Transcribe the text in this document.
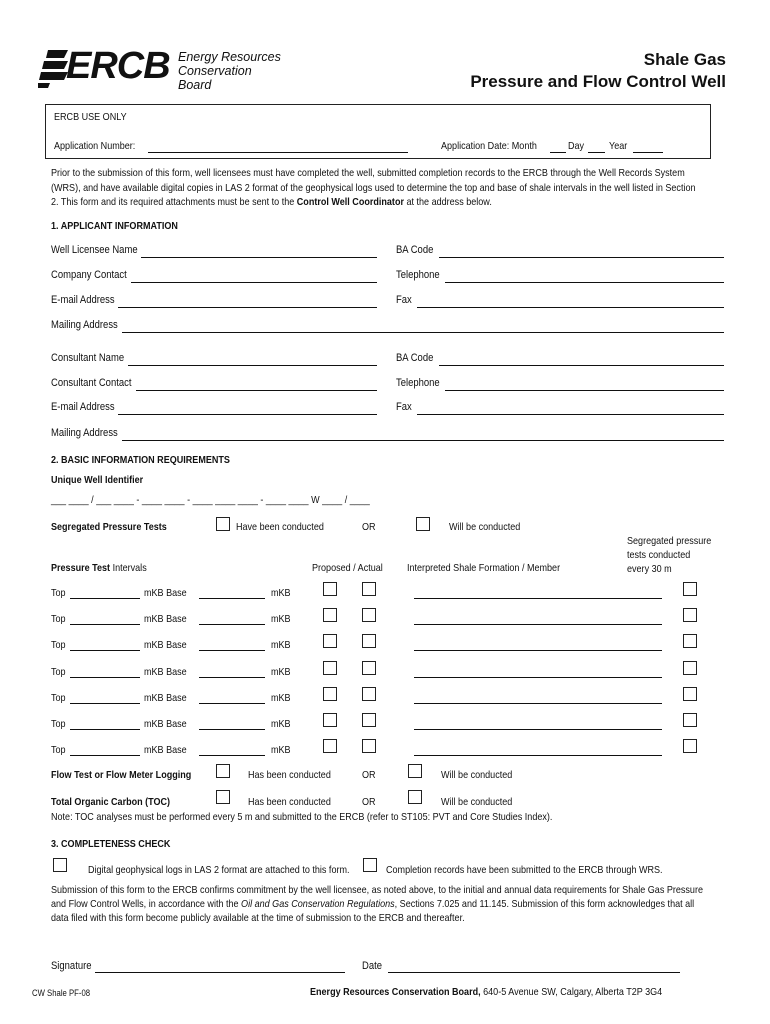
ERCB Energy Resources
Conservation Board
Shale Gas
Pressure and Flow Control Well
ERCB USE ONLY
Application Number:	Application Date: Month	Day Year
Prior to the submission of this form, well licensees must have completed the well, submitted completion records to the ERCB through the Well Records System
(WRS), and have available digital copies in LAS 2 format of the geophysical logs used to determine the top and base of shale intervals in the well listed in Section
2. This form and its required attachments must be sent to the Control Well Coordinator at the address below.
1. APPLICANT INFORMATION
Well Licensee Name	BA Code
Company Contact	Telephone
E-mail Address	Fax
Mailing Address
Consultant Name	BA Code
Consultant Contact	Telephone
E-mail Address	Fax
Mailing Address
2. BASIC INFORMATION REQUIREMENTS
Unique Well Identifier
___ ____ / ___ ____ - ____ ____ - ____ ____ ____ - ____ ____ W ____ / ____
Segregated Pressure Tests	Have been conducted	OR	Will be conducted
Segregated pressure
tests conducted
every 30 m
Pressure Test Intervals	Proposed / Actual Interpreted Shale Formation / Member
Top	mKB Base	mKB
Top	mKB Base	mKB
Top	mKB Base	mKB
Top	mKB Base	mKB
Top	mKB Base	mKB
Top	mKB Base	mKB
Top	mKB Base	mKB
Flow Test or Flow Meter Logging	Has been conducted	OR	Will be conducted
Total Organic Carbon (TOC)	Has been conducted	OR	Will be conducted
Note: TOC analyses must be performed every 5 m and submitted to the ERCB (refer to ST105: PVT and Core Studies Index).
3. COMPLETENESS CHECK
Digital geophysical logs in LAS 2 format are attached to this form.	Completion records have been submitted to the ERCB through WRS.
Submission of this form to the ERCB confirms commitment by the well licensee, as noted above, to the initial and annual data requirements for Shale Gas Pressure
and Flow Control Wells, in accordance with the Oil and Gas Conservation Regulations, Sections 7.025 and 11.145. Submission of this form acknowledges that all
data filed with this form become publicly available at the time of submission to the ERCB and thereafter.
Signature	Date
CW Shale PF-08	Energy Resources Conservation Board, 640-5 Avenue SW, Calgary, Alberta T2P 3G4
